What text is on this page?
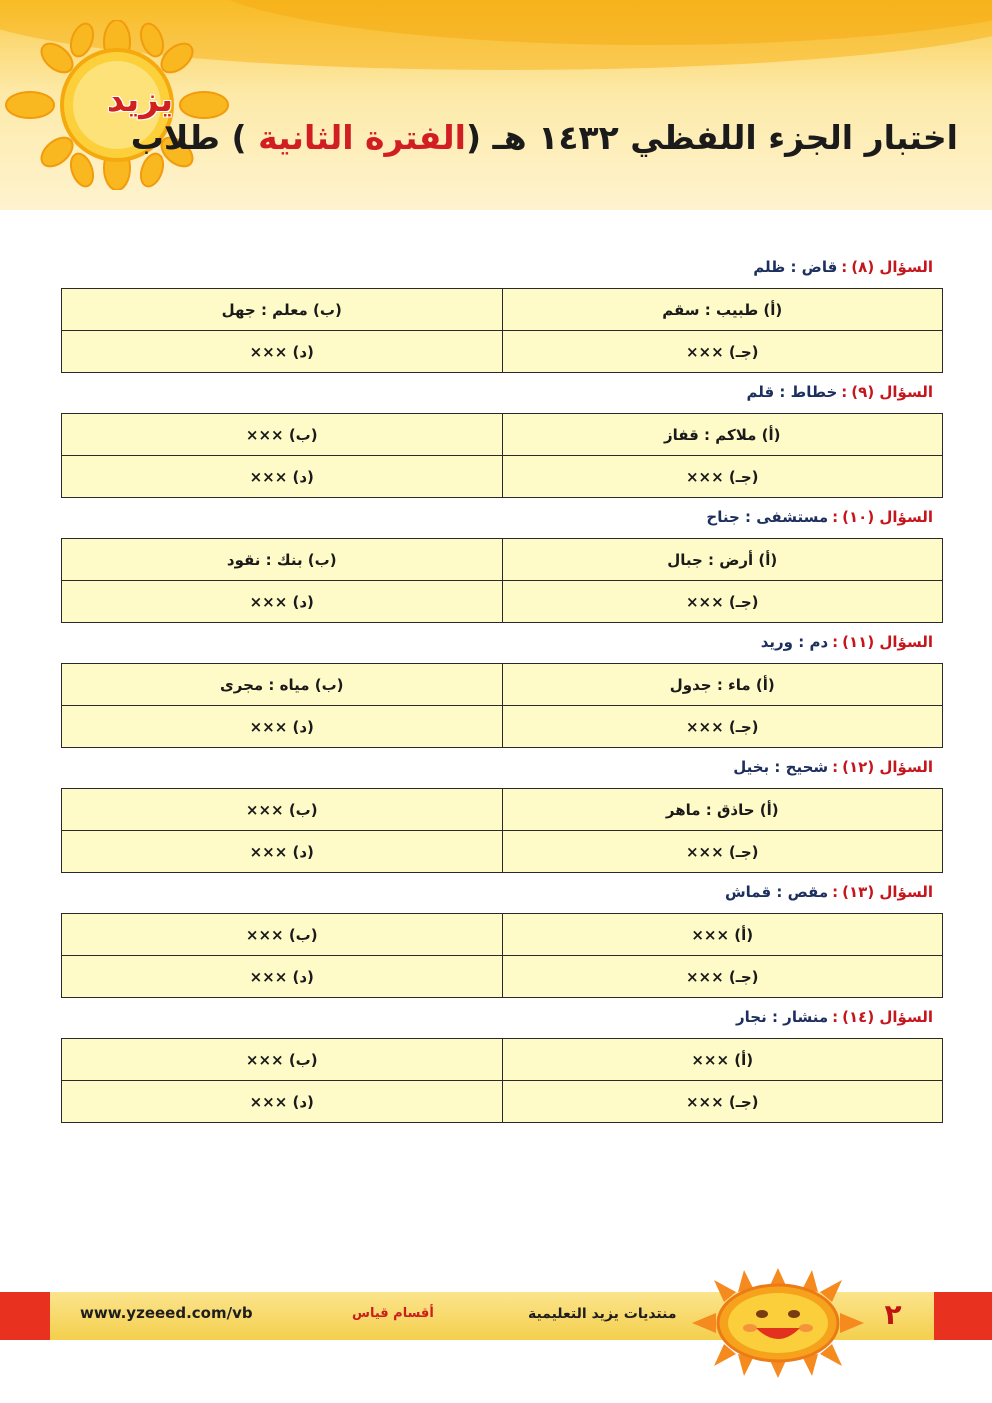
يزيد
اختبار الجزء اللفظي ١٤٣٢ هـ (الفترة الثانية ) طلاب
السؤال (٨):قاض : ظلم
(أ) طبيب : سقم	(ب) معلم : جهل
(جـ) ×××	(د) ×××
السؤال (٩):خطاط : قلم
(أ) ملاكم : قفاز	(ب) ×××
(جـ) ×××	(د) ×××
السؤال (١٠):مستشفى : جناح
(أ) أرض : جبال	(ب) بنك : نقود
(جـ) ×××	(د) ×××
السؤال (١١):دم : وريد
(أ) ماء : جدول	(ب) مياه : مجرى
(جـ) ×××	(د) ×××
السؤال (١٢):شحيح : بخيل
(أ) حاذق : ماهر	(ب) ×××
(جـ) ×××	(د) ×××
السؤال (١٣):مقص : قماش
(أ) ×××	(ب) ×××
(جـ) ×××	(د) ×××
السؤال (١٤):منشار : نجار
(أ) ×××	(ب) ×××
(جـ) ×××	(د) ×××
www.yzeeed.com/vb	أقسام قياس	منتديات يزيد التعليمية	٢
